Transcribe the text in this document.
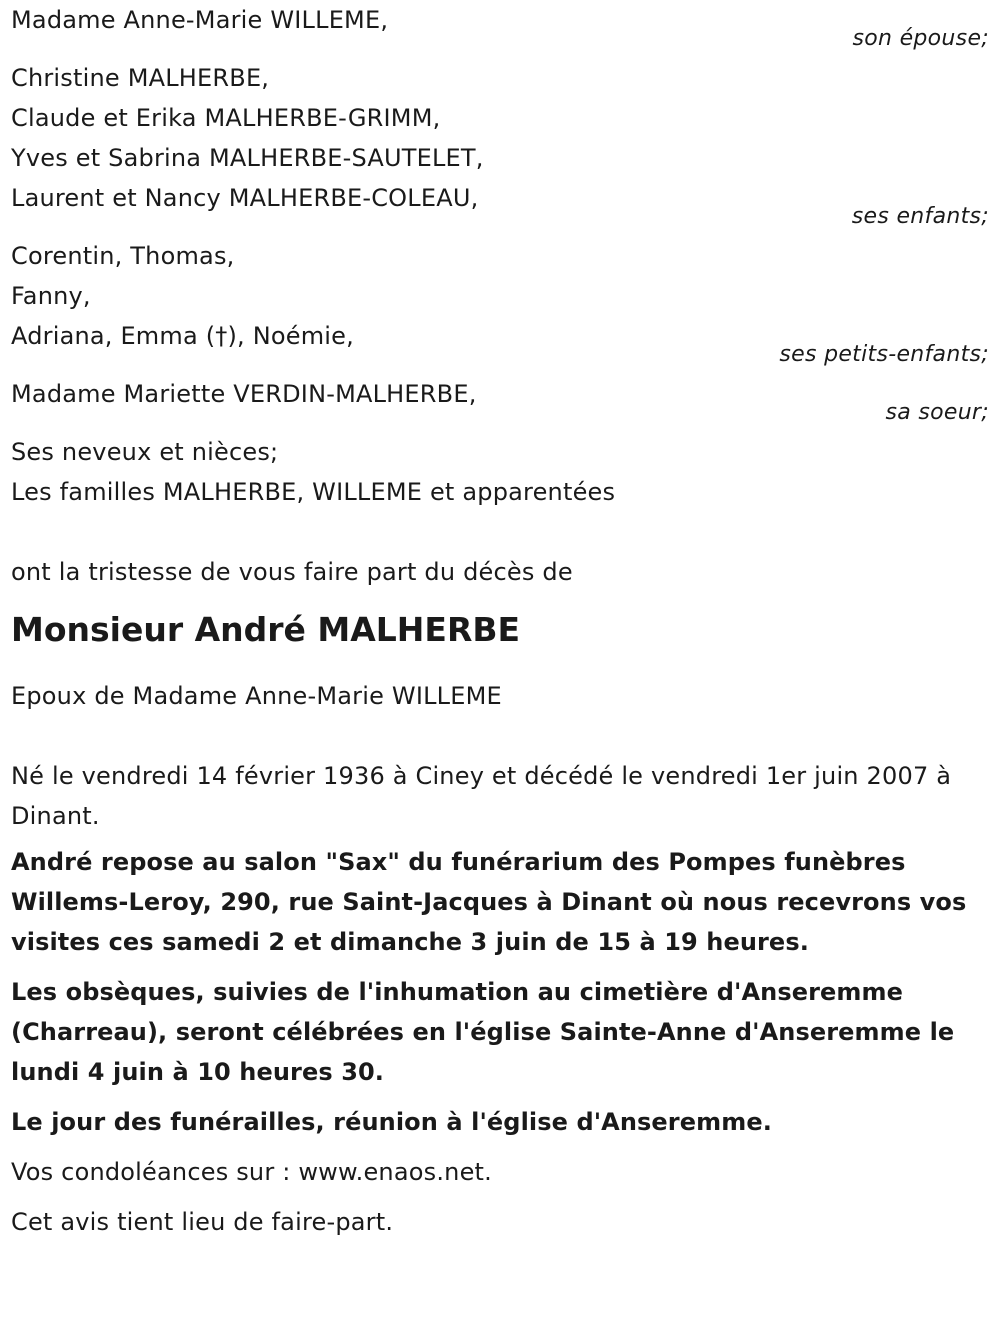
Madame Anne-Marie WILLEME,
son épouse;
Christine MALHERBE,
Claude et Erika MALHERBE-GRIMM,
Yves et Sabrina MALHERBE-SAUTELET,
Laurent et Nancy MALHERBE-COLEAU,
ses enfants;
Corentin, Thomas,
Fanny,
Adriana, Emma (†), Noémie,
ses petits-enfants;
Madame Mariette VERDIN-MALHERBE,
sa soeur;
Ses neveux et nièces;
Les familles MALHERBE, WILLEME et apparentées
ont la tristesse de vous faire part du décès de
Monsieur André MALHERBE
Epoux de Madame Anne-Marie WILLEME
Né le vendredi 14 février 1936 à Ciney et décédé le vendredi 1er juin 2007 à Dinant.
André repose au salon "Sax" du funérarium des Pompes funèbres Willems-Leroy, 290, rue Saint-Jacques à Dinant où nous recevrons vos visites ces samedi 2 et dimanche 3 juin de 15 à 19 heures.
Les obsèques, suivies de l'inhumation au cimetière d'Anseremme (Charreau), seront célébrées en l'église Sainte-Anne d'Anseremme le lundi 4 juin à 10 heures 30.
Le jour des funérailles, réunion à l'église d'Anseremme.
Vos condoléances sur : www.enaos.net.
Cet avis tient lieu de faire-part.
